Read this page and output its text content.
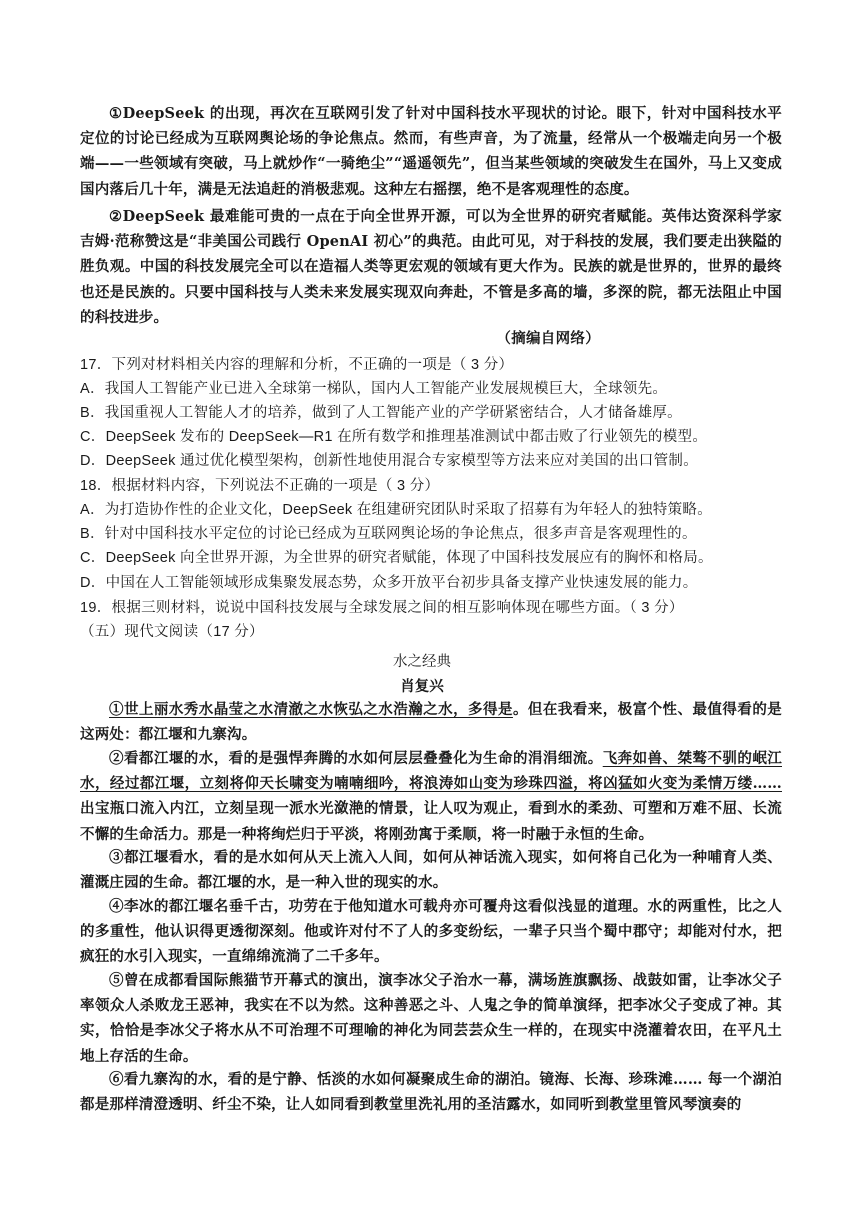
①DeepSeek 的出现，再次在互联网引发了针对中国科技水平现状的讨论。眼下，针对中国科技水平定位的讨论已经成为互联网舆论场的争论焦点。然而，有些声音，为了流量，经常从一个极端走向另一个极端——一些领域有突破，马上就炒作“一骑绝尘”“遥遥领先”，但当某些领域的突破发生在国外，马上又变成国内落后几十年，满是无法追赶的消极悲观。这种左右摇摆，绝不是客观理性的态度。

②DeepSeek 最难能可贵的一点在于向全世界开源，可以为全世界的研究者赋能。英伟达资深科学家吉姆·范称赞这是“非美国公司践行 OpenAI 初心”的典范。由此可见，对于科技的发展，我们要走出狭隘的胜负观。中国的科技发展完全可以在造福人类等更宏观的领域有更大作为。民族的就是世界的，世界的最终也还是民族的。只要中国科技与人类未来发展实现双向奔赴，不管是多高的墙，多深的院，都无法阻止中国的科技进步。

（摘编自网络）

17．下列对材料相关内容的理解和分析，不正确的一项是（ 3 分）

A．我国人工智能产业已进入全球第一梯队，国内人工智能产业发展规模巨大，全球领先。

B．我国重视人工智能人才的培养，做到了人工智能产业的产学研紧密结合，人才储备雄厚。

C．DeepSeek 发布的 DeepSeek—R1 在所有数学和推理基准测试中都击败了行业领先的模型。

D．DeepSeek 通过优化模型架构，创新性地使用混合专家模型等方法来应对美国的出口管制。

18．根据材料内容，下列说法不正确的一项是（ 3 分）

A．为打造协作性的企业文化，DeepSeek 在组建研究团队时采取了招募有为年轻人的独特策略。

B．针对中国科技水平定位的讨论已经成为互联网舆论场的争论焦点，很多声音是客观理性的。

C．DeepSeek 向全世界开源，为全世界的研究者赋能，体现了中国科技发展应有的胸怀和格局。

D．中国在人工智能领域形成集聚发展态势，众多开放平台初步具备支撑产业快速发展的能力。

19．根据三则材料，说说中国科技发展与全球发展之间的相互影响体现在哪些方面。（ 3 分）

（五）现代文阅读（17 分）

水之经典

肖复兴

①世上丽水秀水晶莹之水清澈之水恢弘之水浩瀚之水，多得是。但在我看来，极富个性、最值得看的是这两处：都江堰和九寨沟。

②看都江堰的水，看的是强悍奔腾的水如何层层叠叠化为生命的涓涓细流。飞奔如兽、桀骜不驯的岷江水，经过都江堰，立刻将仰天长啸变为喃喃细吟，将浪涛如山变为珍珠四溢，将凶猛如火变为柔情万缕……出宝瓶口流入内江，立刻呈现一派水光潋滟的情景，让人叹为观止，看到水的柔劲、可塑和万难不屈、长流不懈的生命活力。那是一种将绚烂归于平淡，将刚劲寓于柔顺，将一时融于永恒的生命。

③都江堰看水，看的是水如何从天上流入人间，如何从神话流入现实，如何将自己化为一种哺育人类、灌溉庄园的生命。都江堰的水，是一种入世的现实的水。

④李冰的都江堰名垂千古，功劳在于他知道水可载舟亦可覆舟这看似浅显的道理。水的两重性，比之人的多重性，他认识得更透彻深刻。他或许对付不了人的多变纷纭，一辈子只当个蜀中郡守；却能对付水，把疯狂的水引入现实，一直绵绵流淌了二千多年。

⑤曾在成都看国际熊猫节开幕式的演出，演李冰父子治水一幕，满场旌旗飘扬、战鼓如雷，让李冰父子率领众人杀败龙王恶神，我实在不以为然。这种善恶之斗、人鬼之争的简单演绎，把李冰父子变成了神。其实，恰恰是李冰父子将水从不可治理不可理喻的神化为同芸芸众生一样的，在现实中浇灌着农田，在平凡土地上存活的生命。

⑥看九寨沟的水，看的是宁静、恬淡的水如何凝聚成生命的湖泊。镜海、长海、珍珠滩…… 每一个湖泊都是那样清澄透明、纤尘不染，让人如同看到教堂里洗礼用的圣洁露水，如同听到教堂里管风琴演奏的
